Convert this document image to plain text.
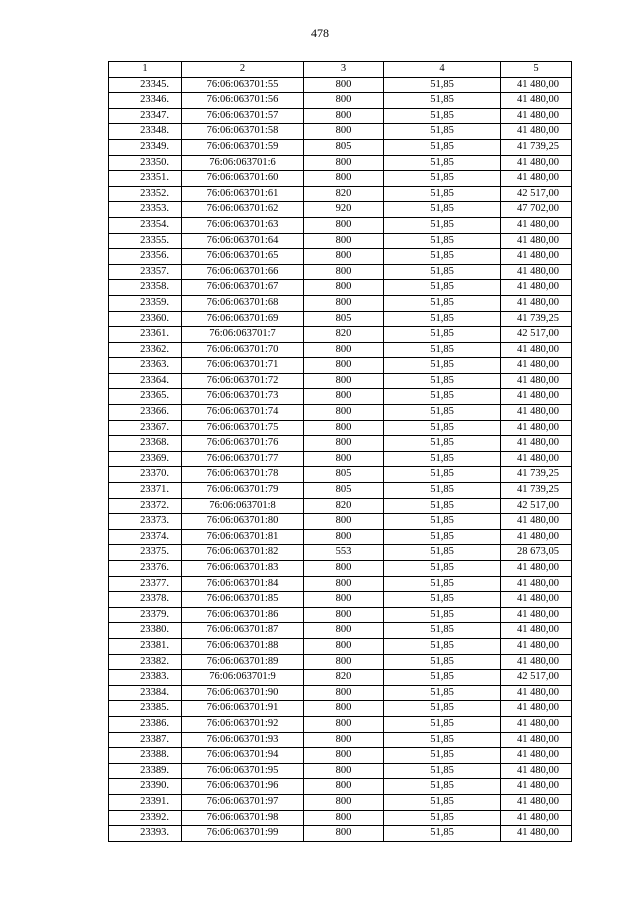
478
1	2	3	4	5
23345.	76:06:063701:55	800	51,85	41 480,00
23346.	76:06:063701:56	800	51,85	41 480,00
23347.	76:06:063701:57	800	51,85	41 480,00
23348.	76:06:063701:58	800	51,85	41 480,00
23349.	76:06:063701:59	805	51,85	41 739,25
23350.	76:06:063701:6	800	51,85	41 480,00
23351.	76:06:063701:60	800	51,85	41 480,00
23352.	76:06:063701:61	820	51,85	42 517,00
23353.	76:06:063701:62	920	51,85	47 702,00
23354.	76:06:063701:63	800	51,85	41 480,00
23355.	76:06:063701:64	800	51,85	41 480,00
23356.	76:06:063701:65	800	51,85	41 480,00
23357.	76:06:063701:66	800	51,85	41 480,00
23358.	76:06:063701:67	800	51,85	41 480,00
23359.	76:06:063701:68	800	51,85	41 480,00
23360.	76:06:063701:69	805	51,85	41 739,25
23361.	76:06:063701:7	820	51,85	42 517,00
23362.	76:06:063701:70	800	51,85	41 480,00
23363.	76:06:063701:71	800	51,85	41 480,00
23364.	76:06:063701:72	800	51,85	41 480,00
23365.	76:06:063701:73	800	51,85	41 480,00
23366.	76:06:063701:74	800	51,85	41 480,00
23367.	76:06:063701:75	800	51,85	41 480,00
23368.	76:06:063701:76	800	51,85	41 480,00
23369.	76:06:063701:77	800	51,85	41 480,00
23370.	76:06:063701:78	805	51,85	41 739,25
23371.	76:06:063701:79	805	51,85	41 739,25
23372.	76:06:063701:8	820	51,85	42 517,00
23373.	76:06:063701:80	800	51,85	41 480,00
23374.	76:06:063701:81	800	51,85	41 480,00
23375.	76:06:063701:82	553	51,85	28 673,05
23376.	76:06:063701:83	800	51,85	41 480,00
23377.	76:06:063701:84	800	51,85	41 480,00
23378.	76:06:063701:85	800	51,85	41 480,00
23379.	76:06:063701:86	800	51,85	41 480,00
23380.	76:06:063701:87	800	51,85	41 480,00
23381.	76:06:063701:88	800	51,85	41 480,00
23382.	76:06:063701:89	800	51,85	41 480,00
23383.	76:06:063701:9	820	51,85	42 517,00
23384.	76:06:063701:90	800	51,85	41 480,00
23385.	76:06:063701:91	800	51,85	41 480,00
23386.	76:06:063701:92	800	51,85	41 480,00
23387.	76:06:063701:93	800	51,85	41 480,00
23388.	76:06:063701:94	800	51,85	41 480,00
23389.	76:06:063701:95	800	51,85	41 480,00
23390.	76:06:063701:96	800	51,85	41 480,00
23391.	76:06:063701:97	800	51,85	41 480,00
23392.	76:06:063701:98	800	51,85	41 480,00
23393.	76:06:063701:99	800	51,85	41 480,00
